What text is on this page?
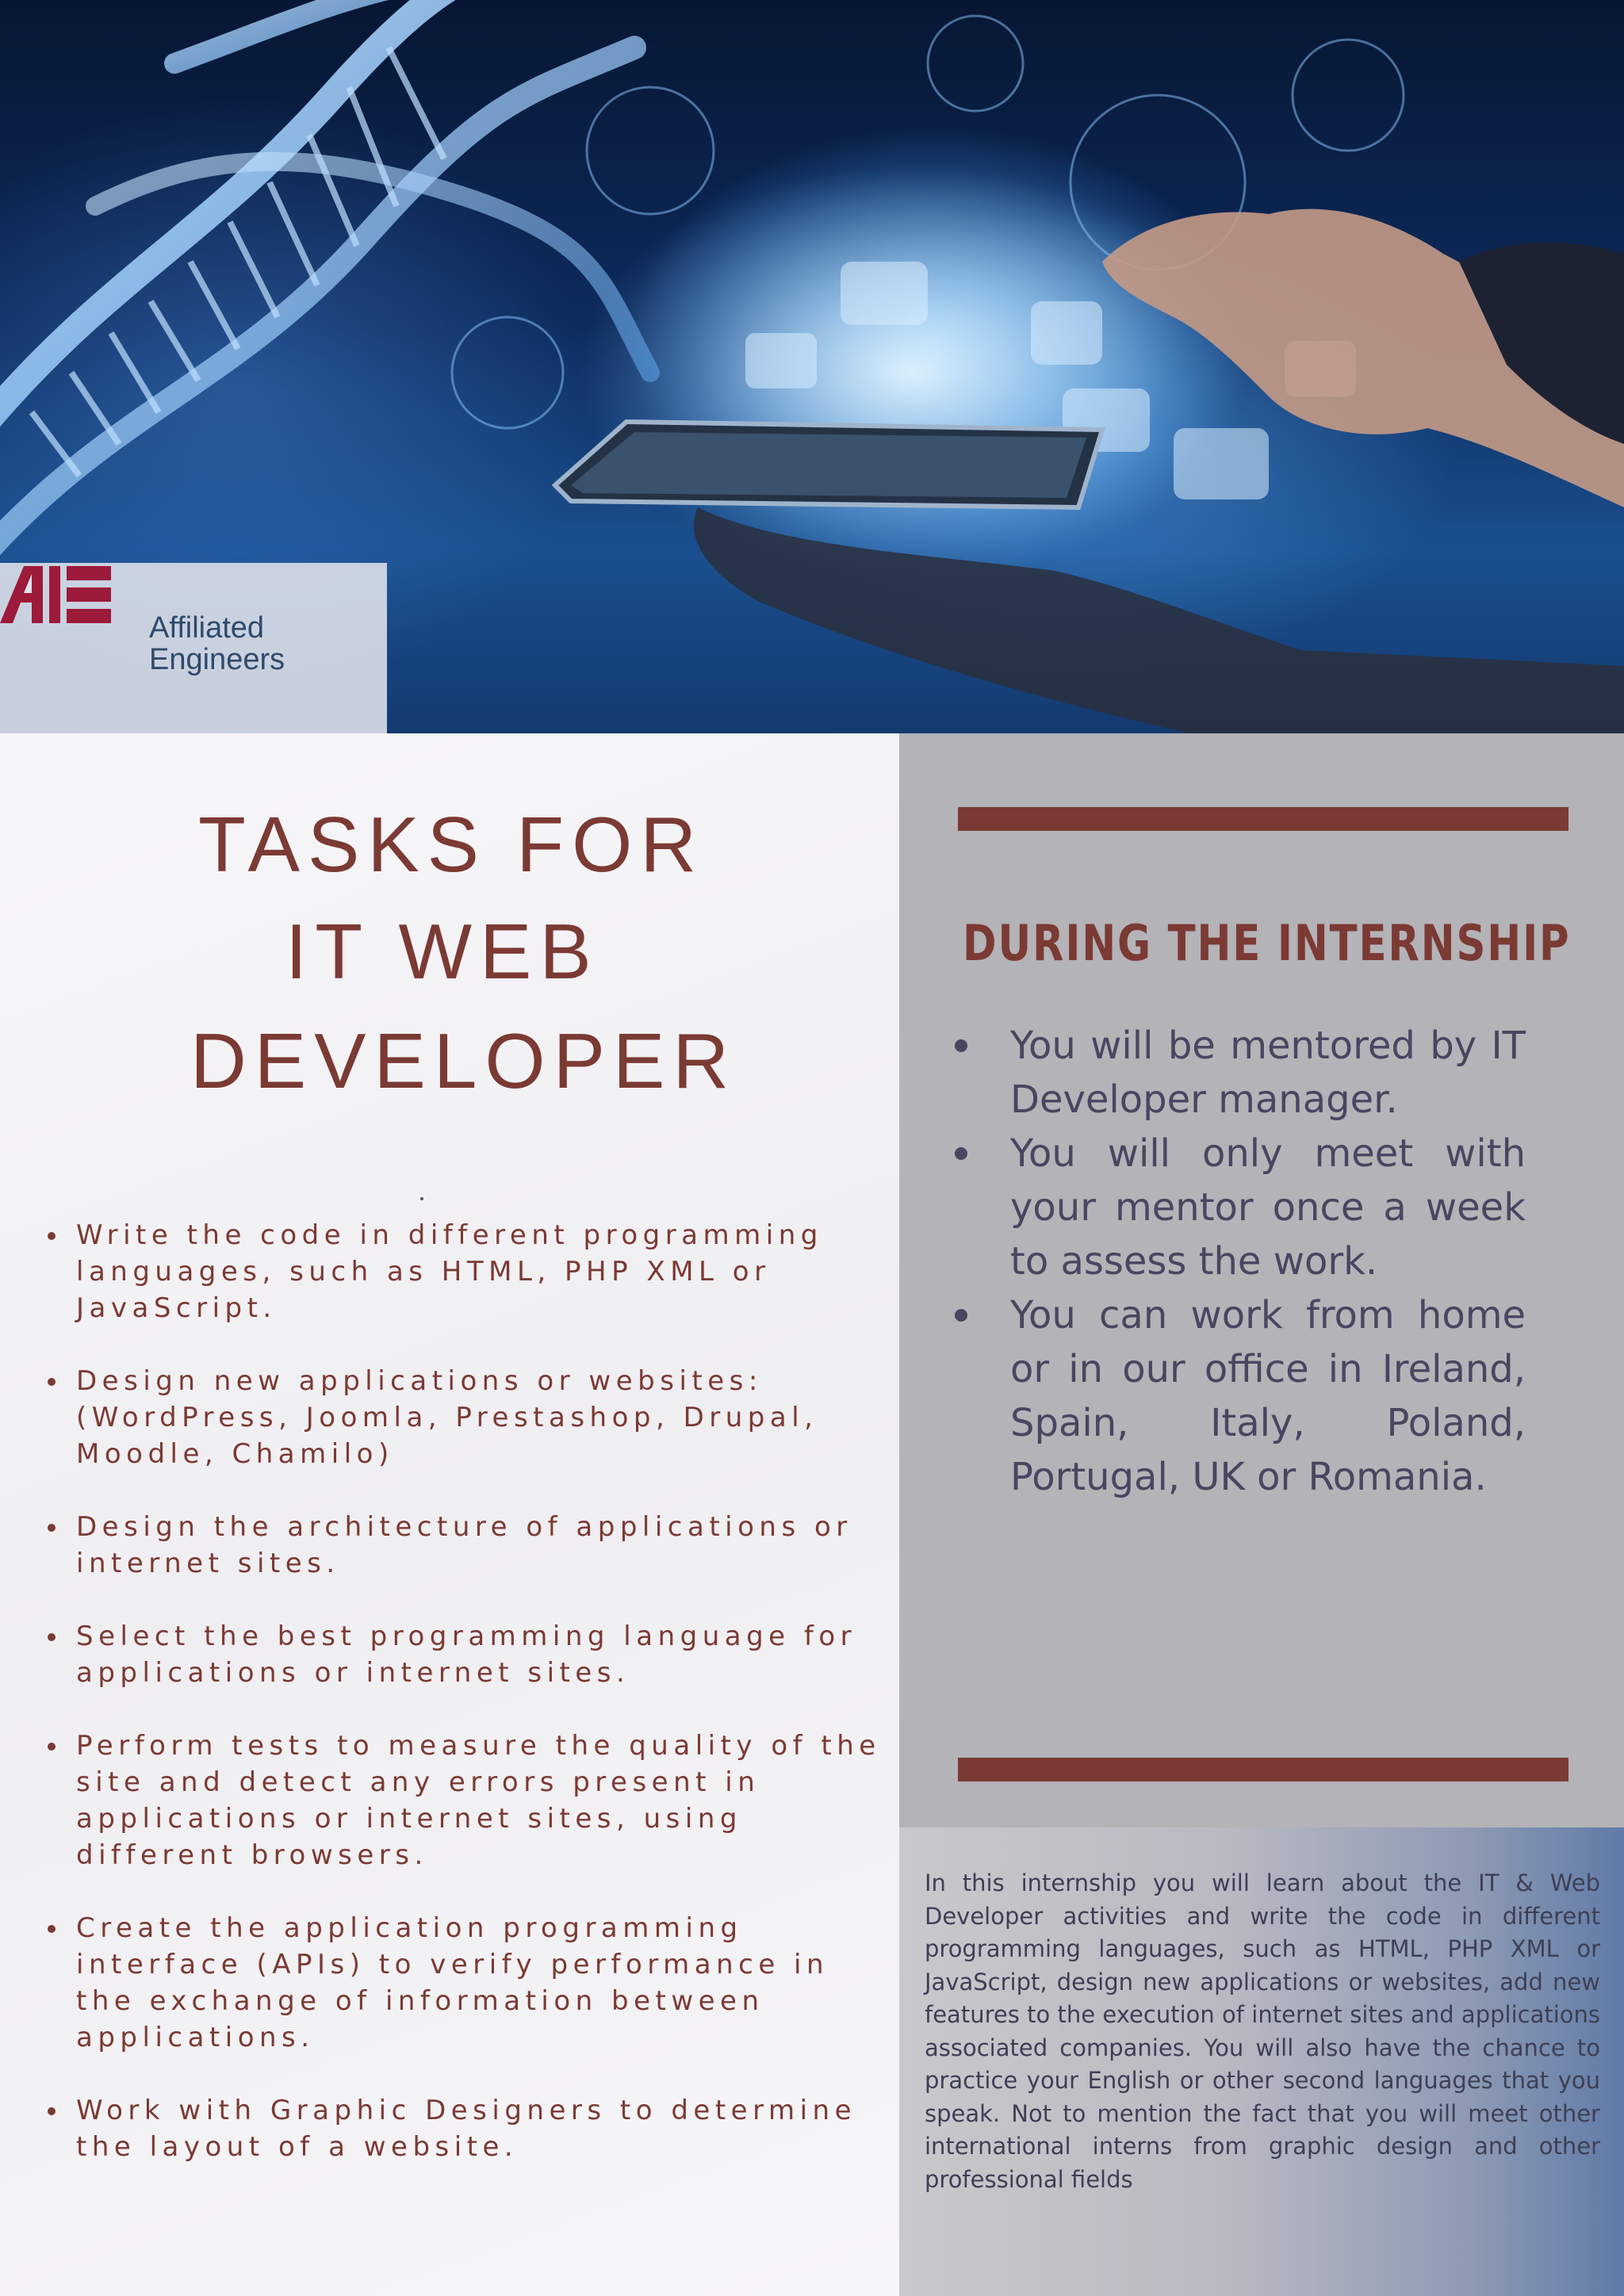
Affiliated
Engineers
TASKS FOR
IT WEB
DEVELOPER
Write the code in different programming languages, such as HTML, PHP XML or JavaScript.
Design new applications or websites: (WordPress, Joomla, Prestashop, Drupal, Moodle, Chamilo)
Design the architecture of applications or internet sites.
Select the best programming language for applications or internet sites.
Perform tests to measure the quality of the site and detect any errors present in applications or internet sites, using different browsers.
Create the application programming interface (APIs) to verify performance in the exchange of information between applications.
Work with Graphic Designers to determine the layout of a website.
DURING THE INTERNSHIP
You will be mentored by IT Developer manager.
You will only meet with your mentor once a week to assess the work.
You can work from home or in our office in Ireland, Spain, Italy, Poland, Portugal, UK or Romania.
In this internship you will learn about the IT & Web Developer activities and write the code in different programming languages, such as HTML, PHP XML or JavaScript, design new applications or websites, add new features to the execution of internet sites and applications associated companies. You will also have the chance to practice your English or other second languages that you speak. Not to mention the fact that you will meet other international interns from graphic design and other professional fields
